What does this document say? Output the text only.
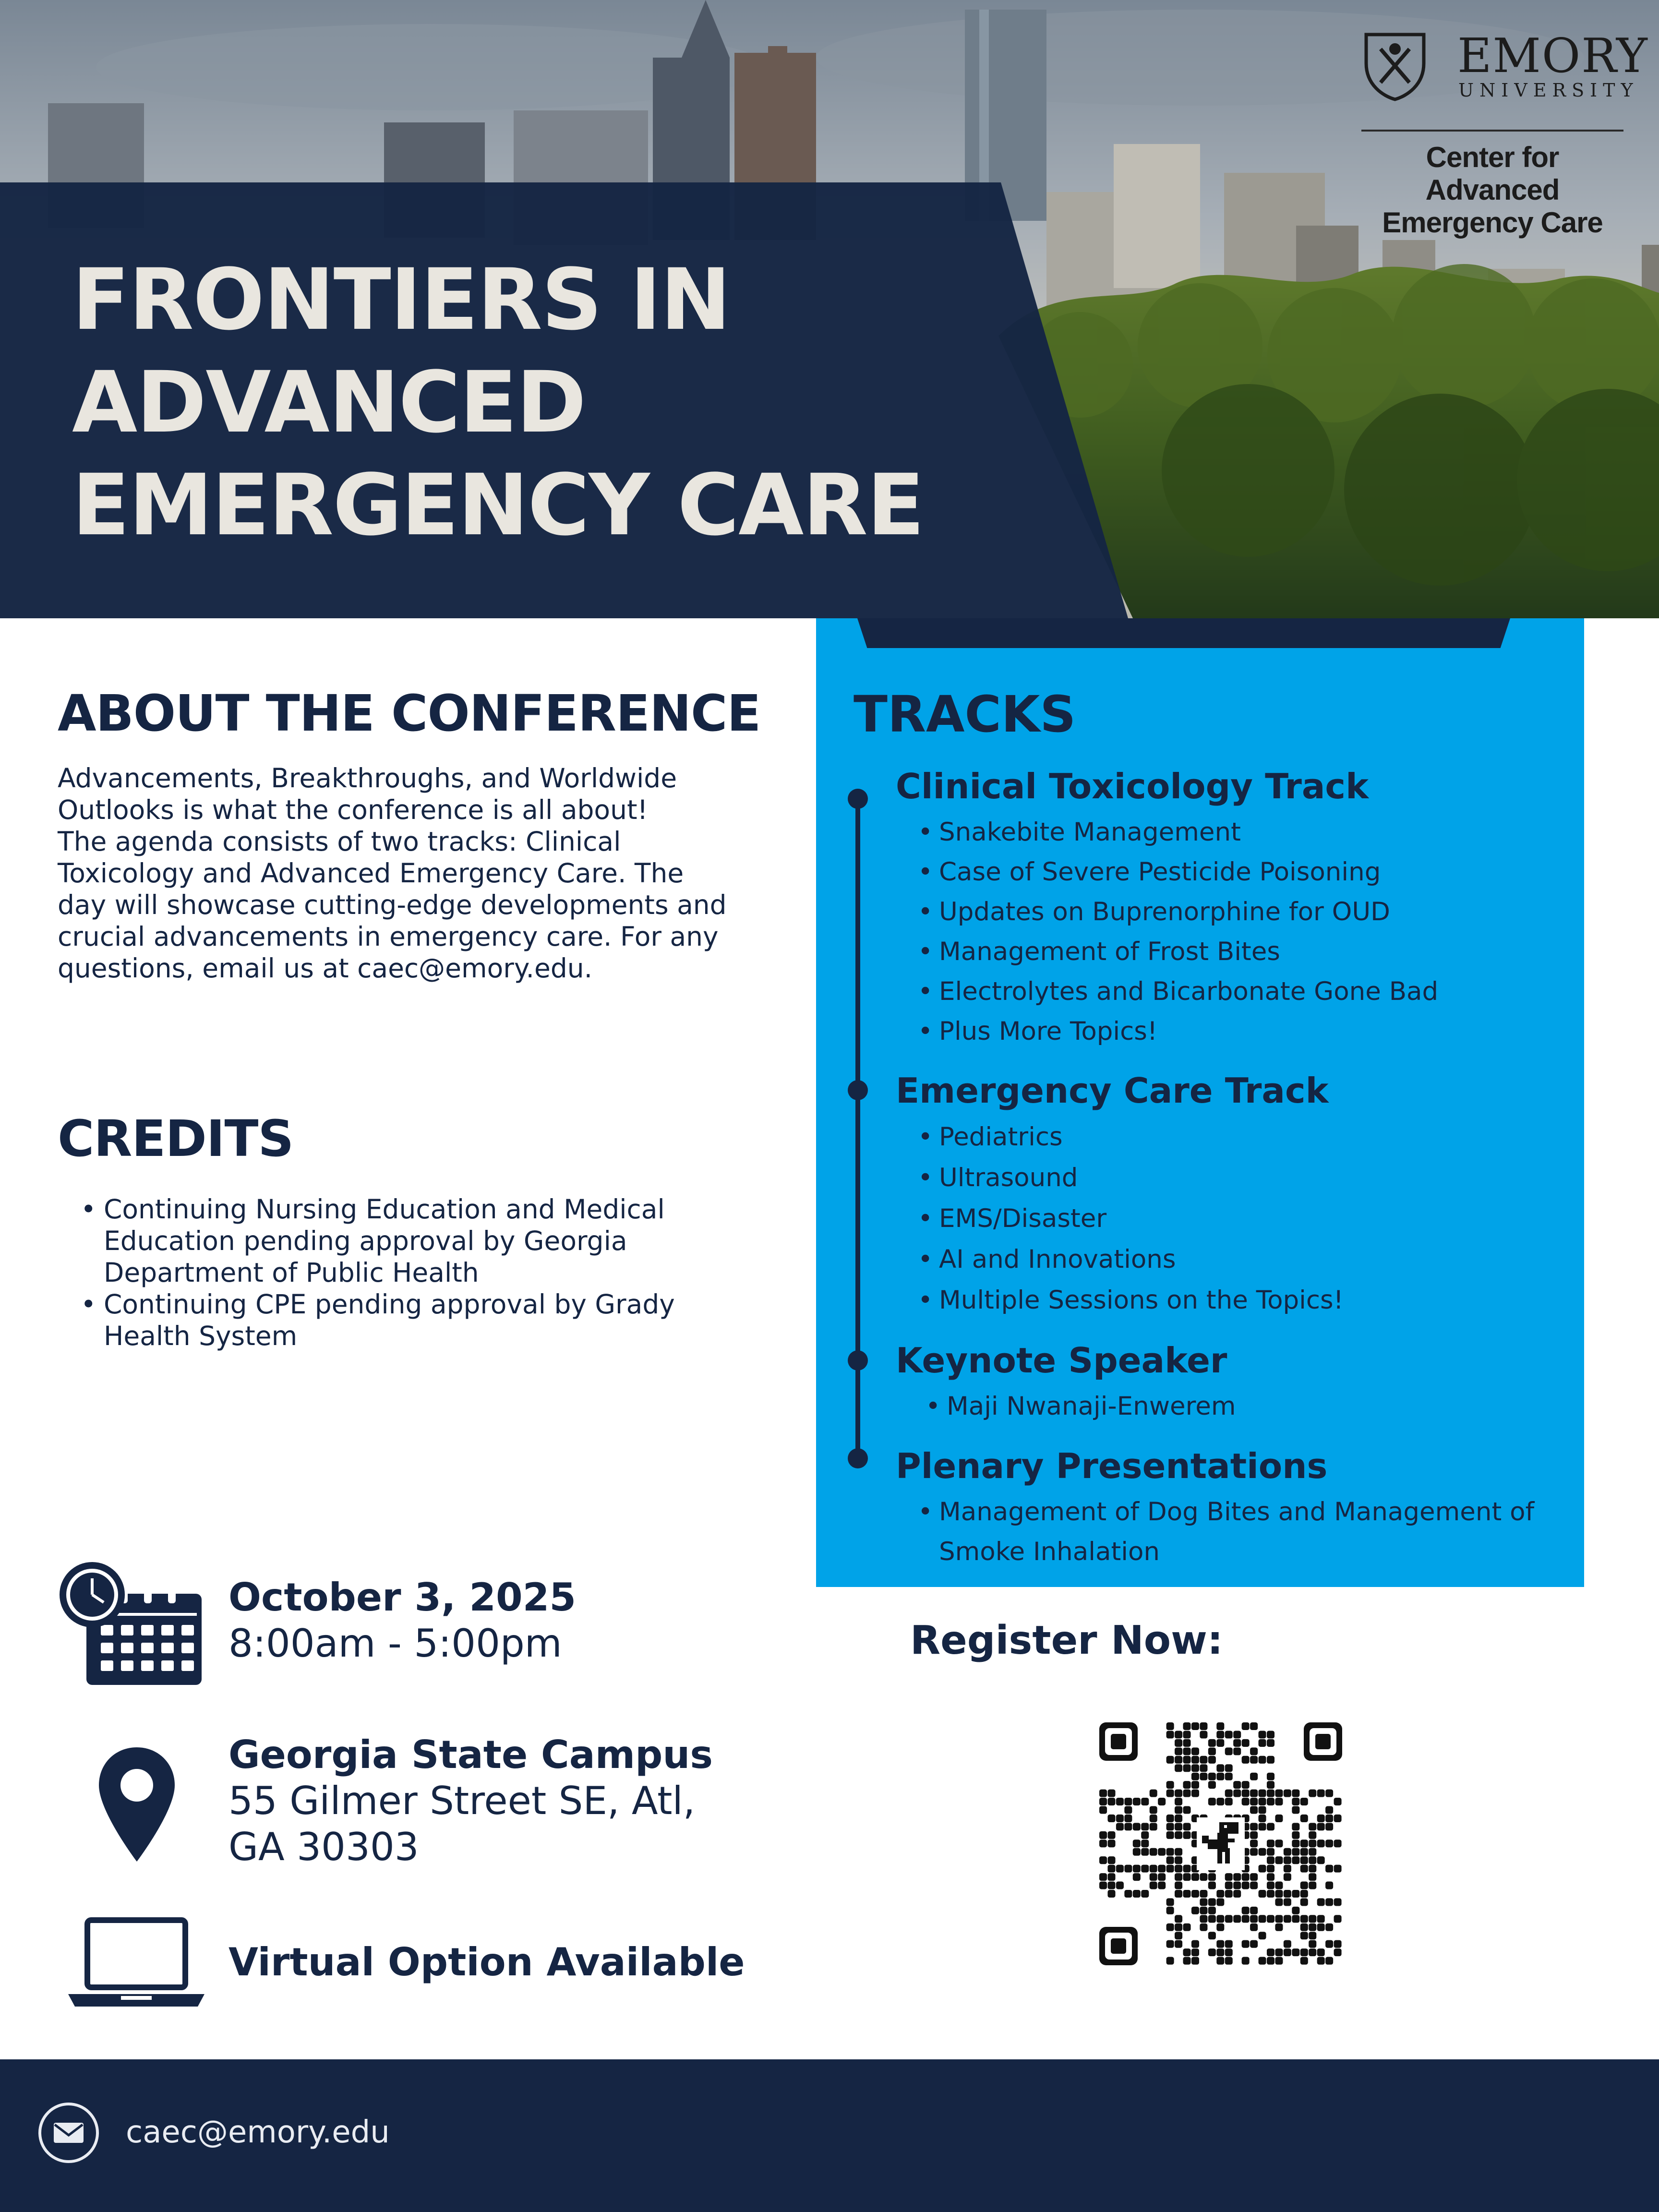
FRONTIERS IN
ADVANCED
EMERGENCY CARE
EMORY
UNIVERSITY
Center for Advanced
Emergency Care
ABOUT THE CONFERENCE
Advancements, Breakthroughs, and Worldwide
Outlooks is what the conference is all about!
The agenda consists of two tracks: Clinical
Toxicology and Advanced Emergency Care. The
day will showcase cutting-edge developments and
crucial advancements in emergency care. For any
questions, email us at caec@emory.edu.
CREDITS
• Continuing Nursing Education and Medical
Education pending approval by Georgia
Department of Public Health
• Continuing CPE pending approval by Grady
Health System
October 3, 2025
8:00am - 5:00pm
Georgia State Campus
55 Gilmer Street SE, Atl,
GA 30303
Virtual Option Available
TRACKS
Clinical Toxicology Track
• Snakebite Management
• Case of Severe Pesticide Poisoning
• Updates on Buprenorphine for OUD
• Management of Frost Bites
• Electrolytes and Bicarbonate Gone Bad
• Plus More Topics!
Emergency Care Track
• Pediatrics
• Ultrasound
• EMS/Disaster
• AI and Innovations
• Multiple Sessions on the Topics!
Keynote Speaker
• Maji Nwanaji-Enwerem
Plenary Presentations
• Management of Dog Bites and Management of Smoke Inhalation
Register Now:
caec@emory.edu
